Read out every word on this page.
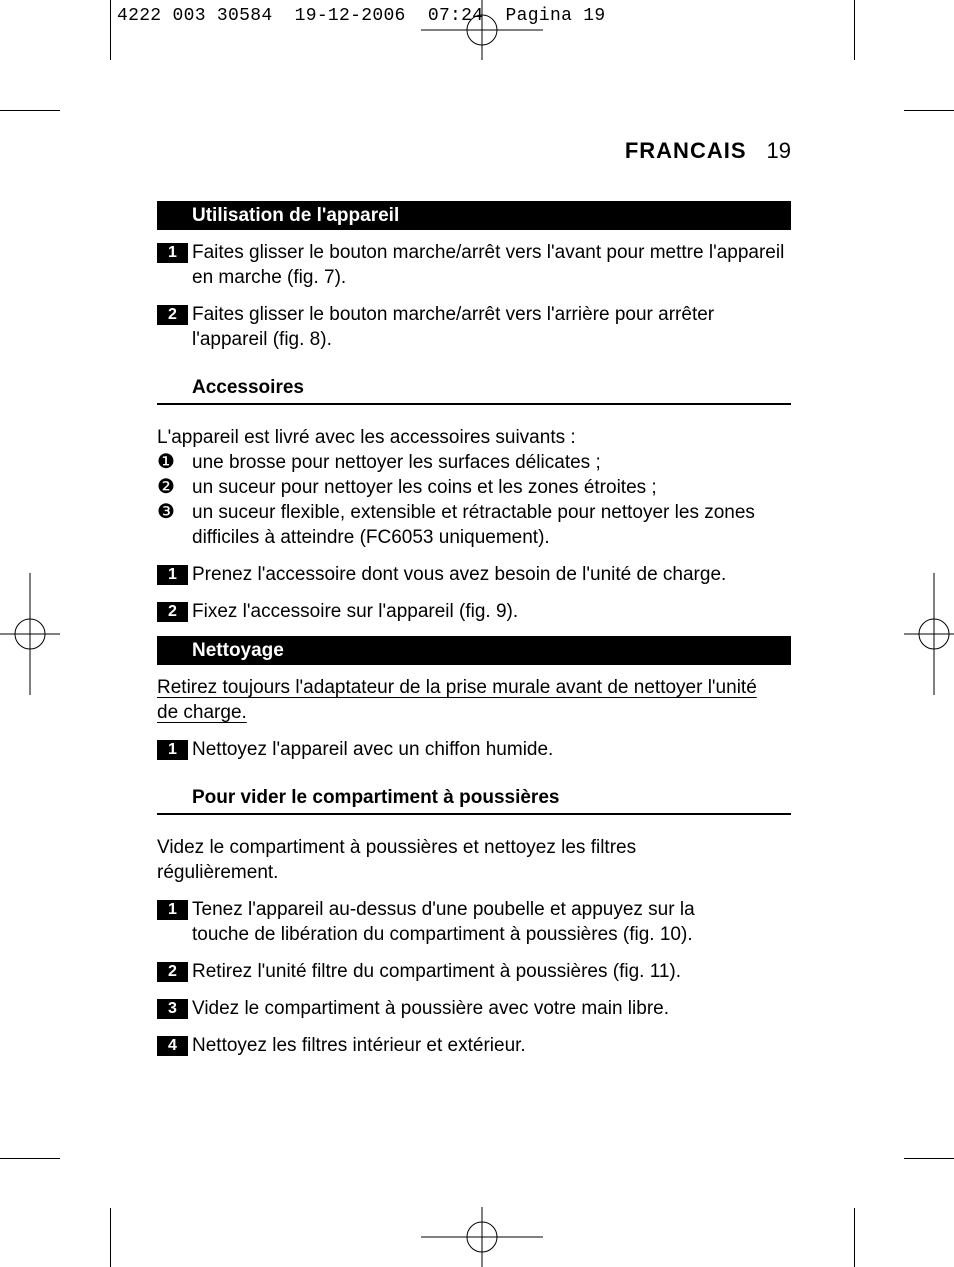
4222 003 30584  19-12-2006  07:24  Pagina 19
FRANCAIS 19
Utilisation de l'appareil
1 Faites glisser le bouton marche/arrêt vers l'avant pour mettre l'appareil en marche (fig. 7).
2 Faites glisser le bouton marche/arrêt vers l'arrière pour arrêter l'appareil (fig. 8).
Accessoires
L'appareil est livré avec les accessoires suivants :
❶ une brosse pour nettoyer les surfaces délicates ;
❷ un suceur pour nettoyer les coins et les zones étroites ;
❸ un suceur flexible, extensible et rétractable pour nettoyer les zones difficiles à atteindre (FC6053 uniquement).
1 Prenez l'accessoire dont vous avez besoin de l'unité de charge.
2 Fixez l'accessoire sur l'appareil (fig. 9).
Nettoyage
Retirez toujours l'adaptateur de la prise murale avant de nettoyer l'unité de charge.
1 Nettoyez l'appareil avec un chiffon humide.
Pour vider le compartiment à poussières
Videz le compartiment à poussières et nettoyez les filtres régulièrement.
1 Tenez l'appareil au-dessus d'une poubelle et appuyez sur la touche de libération du compartiment à poussières (fig. 10).
2 Retirez l'unité filtre du compartiment à poussières (fig. 11).
3 Videz le compartiment à poussière avec votre main libre.
4 Nettoyez les filtres intérieur et extérieur.
